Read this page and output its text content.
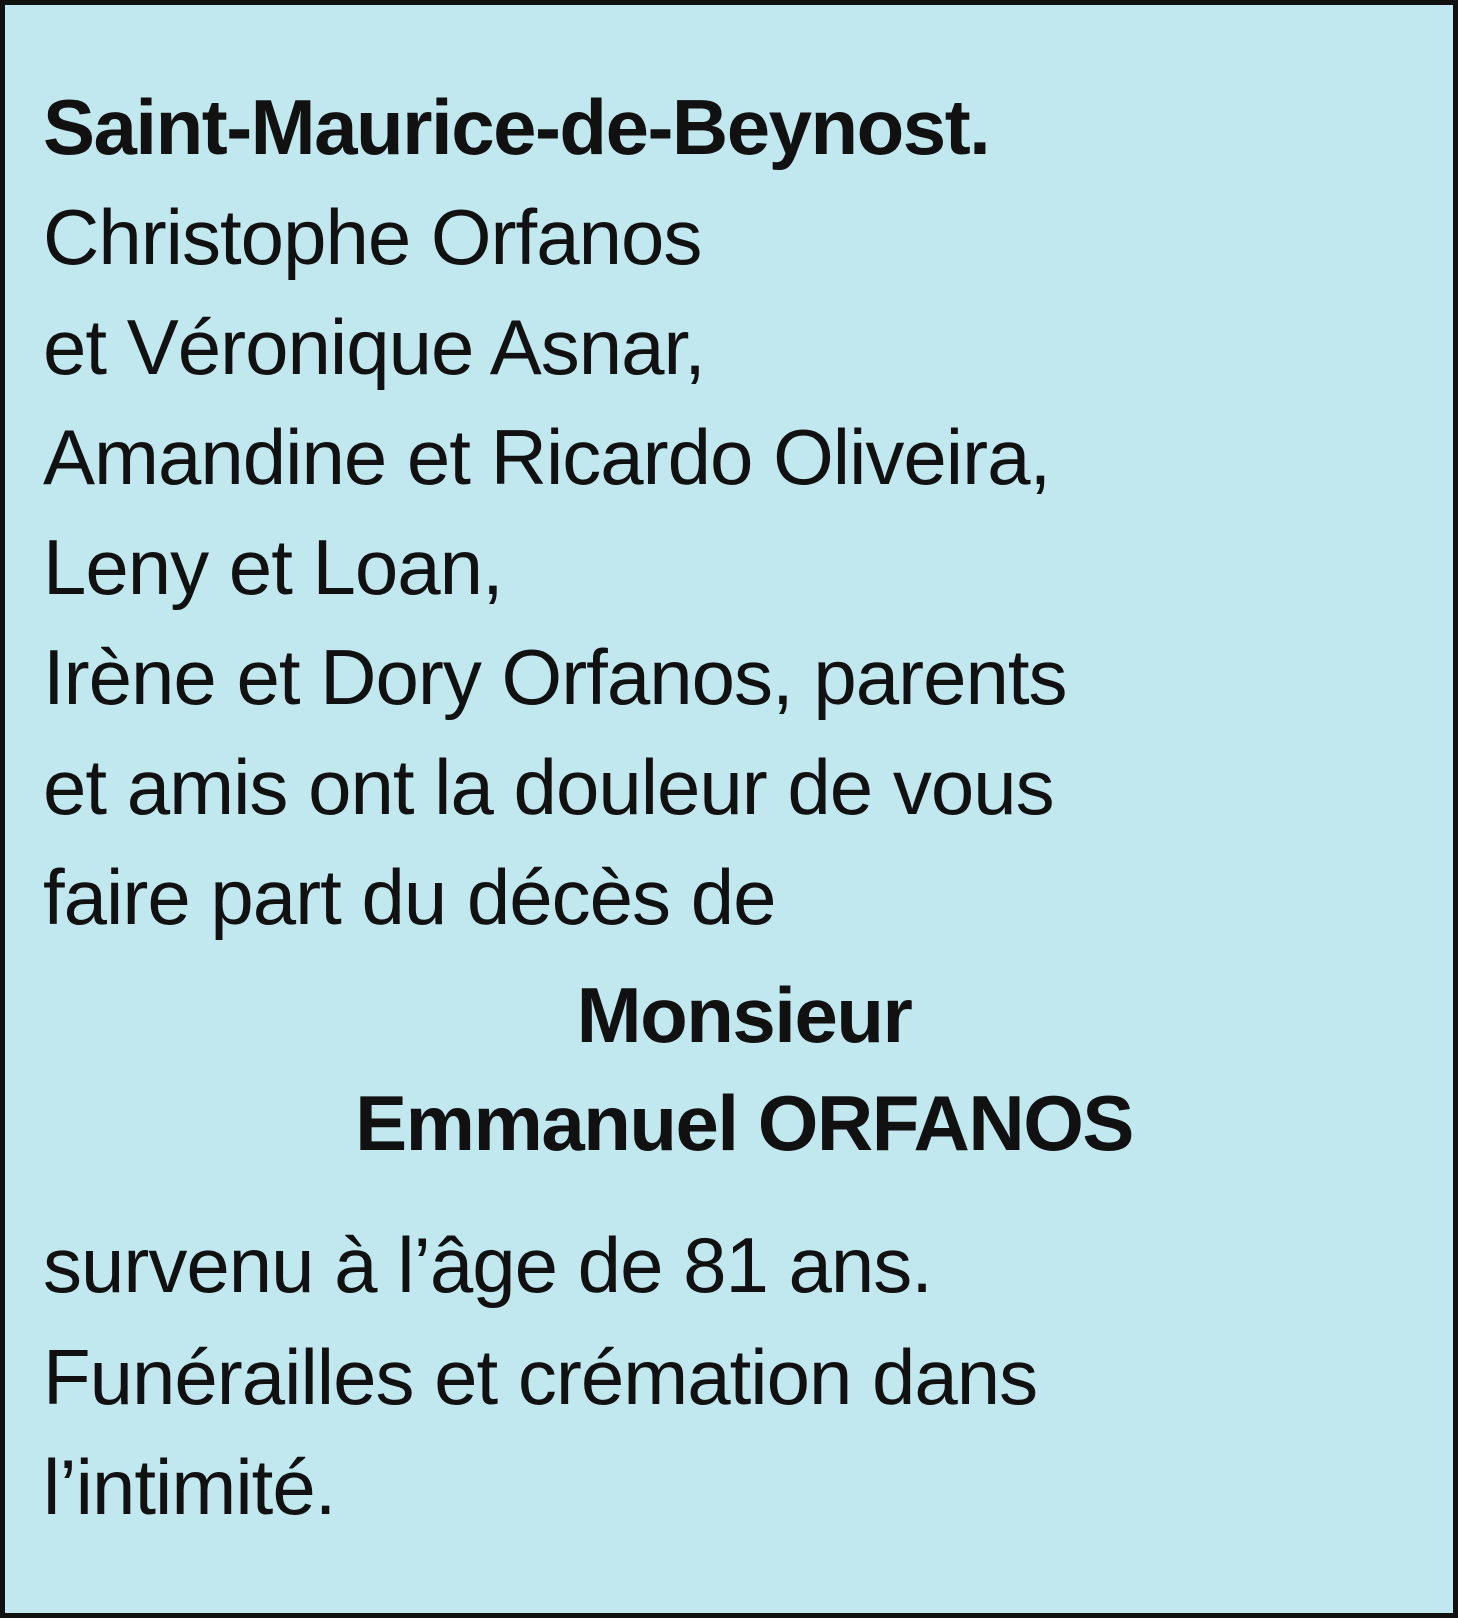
Saint-Maurice-de-Beynost.
Christophe Orfanos
et Véronique Asnar,
Amandine et Ricardo Oliveira,
Leny et Loan,
Irène et Dory Orfanos, parents
et amis ont la douleur de vous
faire part du décès de
Monsieur
Emmanuel ORFANOS
survenu à l’âge de 81 ans.
Funérailles et crémation dans
l’intimité.
